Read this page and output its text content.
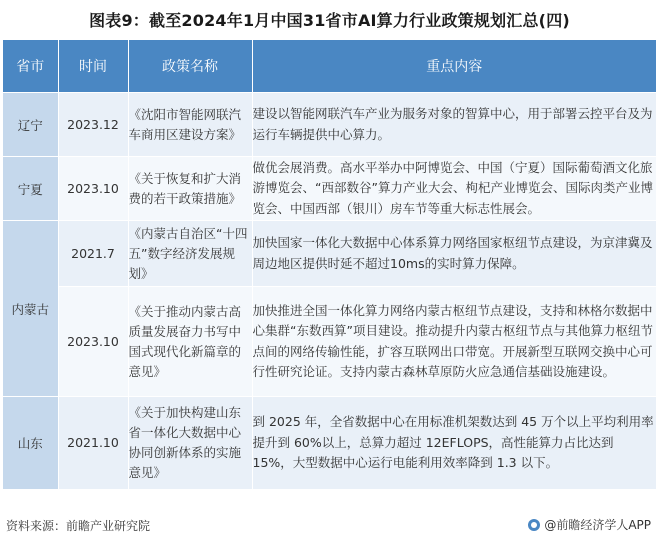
图表9：截至2024年1月中国31省市AI算力行业政策规划汇总(四)
省市	时间	政策名称	重点内容
辽宁	2023.12	《沈阳市智能网联汽车商用区建设方案》	建设以智能网联汽车产业为服务对象的智算中心，用于部署云控平台及为运行车辆提供中心算力。
宁夏	2023.10	《关于恢复和扩大消费的若干政策措施》	做优会展消费。高水平举办中阿博览会、中国（宁夏）国际葡萄酒文化旅游博览会、“西部数谷”算力产业大会、枸杞产业博览会、国际肉类产业博览会、中国西部（银川）房车节等重大标志性展会。
内蒙古	2021.7	《内蒙古自治区“十四五”数字经济发展规划》	加快国家一体化大数据中心体系算力网络国家枢纽节点建设，为京津冀及周边地区提供时延不超过10ms的实时算力保障。
	2023.10	《关于推动内蒙古高质量发展奋力书写中国式现代化新篇章的意见》	加快推进全国一体化算力网络内蒙古枢纽节点建设，支持和林格尔数据中心集群“东数西算”项目建设。推动提升内蒙古枢纽节点与其他算力枢纽节点间的网络传输性能，扩容互联网出口带宽。开展新型互联网交换中心可行性研究论证。支持内蒙古森林草原防火应急通信基础设施建设。
山东	2021.10	《关于加快构建山东省一体化大数据中心协同创新体系的实施意见》	到 2025 年，全省数据中心在用标准机架数达到 45 万个以上平均利用率提升到 60%以上，总算力超过 12EFLOPS，高性能算力占比达到 15%，大型数据中心运行电能利用效率降到 1.3 以下。
资料来源：前瞻产业研究院	@前瞻经济学人APP
